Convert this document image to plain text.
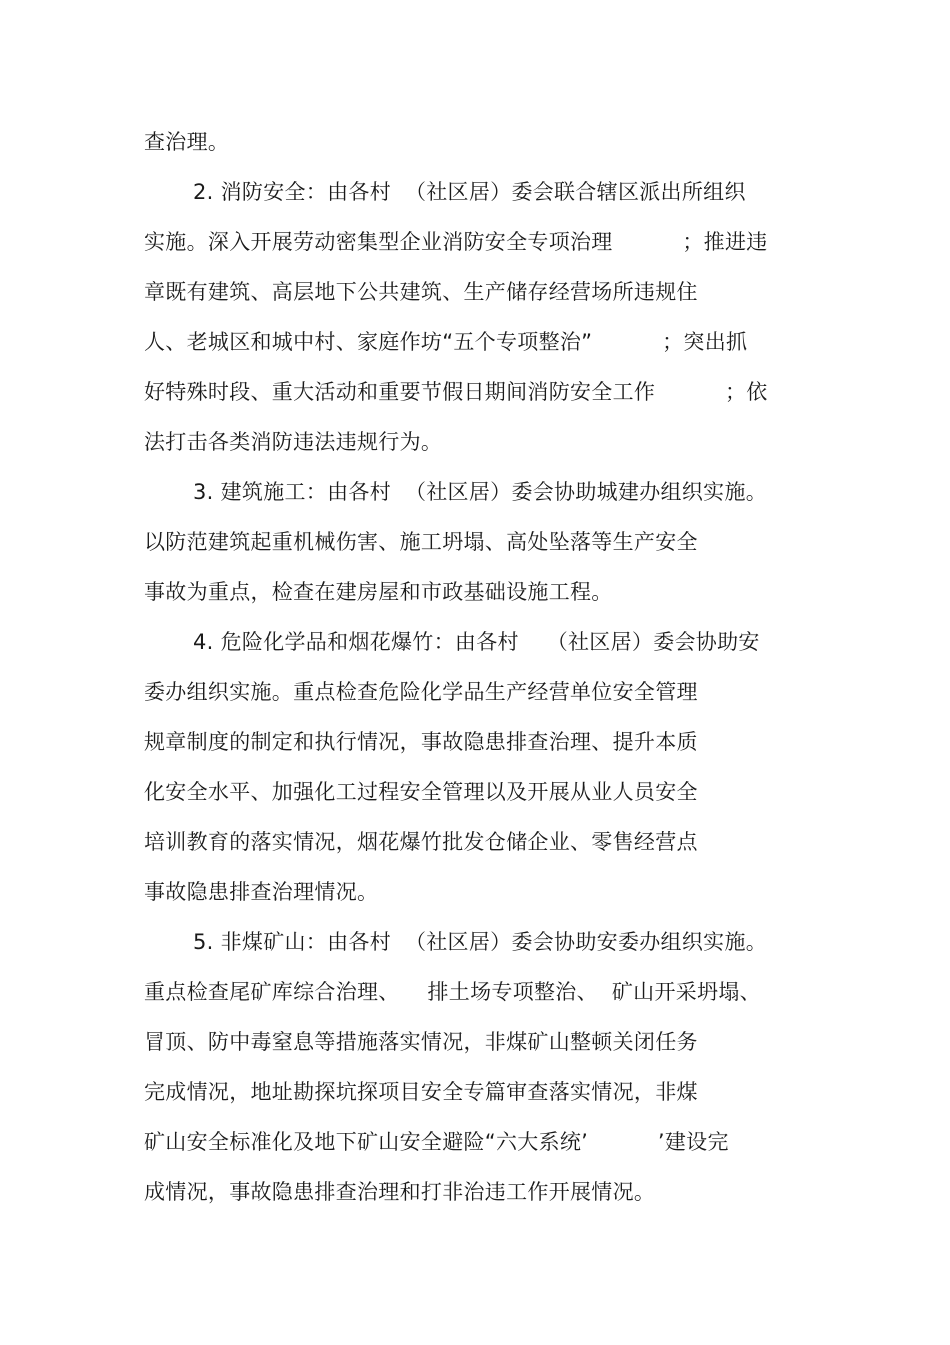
查治理。
2. 消防安全：由各村  （社区居）委会联合辖区派出所组织
实施。深入开展劳动密集型企业消防安全专项治理          ；推进违
章既有建筑、高层地下公共建筑、生产储存经营场所违规住
人、老城区和城中村、家庭作坊“五个专项整治”          ；突出抓
好特殊时段、重大活动和重要节假日期间消防安全工作          ；依
法打击各类消防违法违规行为。
3. 建筑施工：由各村  （社区居）委会协助城建办组织实施。
以防范建筑起重机械伤害、施工坍塌、高处坠落等生产安全
事故为重点，检查在建房屋和市政基础设施工程。
4. 危险化学品和烟花爆竹：由各村    （社区居）委会协助安
委办组织实施。重点检查危险化学品生产经营单位安全管理
规章制度的制定和执行情况，事故隐患排查治理、提升本质
化安全水平、加强化工过程安全管理以及开展从业人员安全
培训教育的落实情况，烟花爆竹批发仓储企业、零售经营点
事故隐患排查治理情况。
5. 非煤矿山：由各村  （社区居）委会协助安委办组织实施。
重点检查尾矿库综合治理、    排土场专项整治、  矿山开采坍塌、
冒顶、防中毒窒息等措施落实情况，非煤矿山整顿关闭任务
完成情况，地址勘探坑探项目安全专篇审查落实情况，非煤
矿山安全标准化及地下矿山安全避险“六大系统’          ’建设完
成情况，事故隐患排查治理和打非治违工作开展情况。
